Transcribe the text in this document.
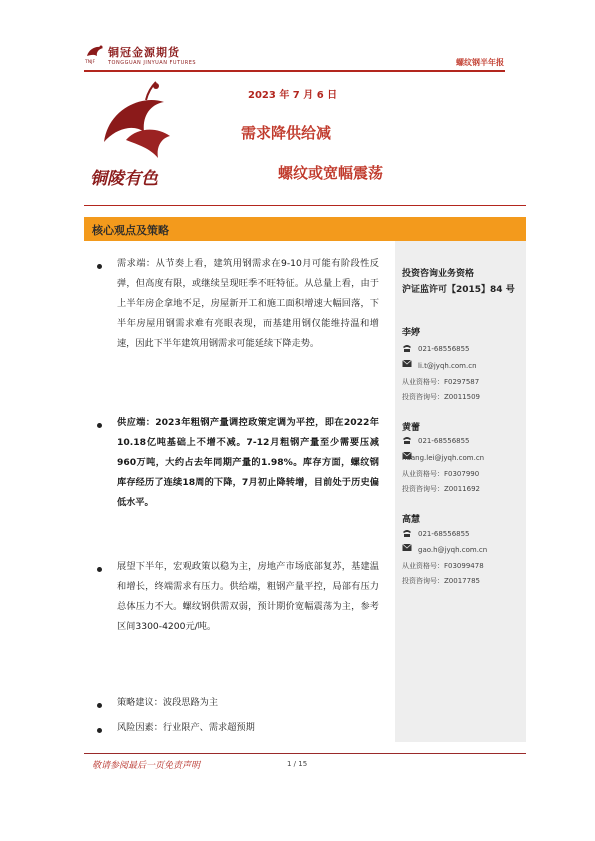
TNJF
铜冠金源期货
TONGGUAN JINYUAN FUTURES	螺纹钢半年报
铜陵有色
2023 年 7 月 6 日
需求降供给减
螺纹或宽幅震荡
核心观点及策略
投资咨询业务资格
沪证监许可【2015】84 号
李婷
021-68556855
li.t@jyqh.com.cn
从业资格号：F0297587
投资咨询号：Z0011509
黄蕾
021-68556855
huang.lei@jyqh.com.cn
从业资格号：F0307990
投资咨询号：Z0011692
高慧
021-68556855
gao.h@jyqh.com.cn
从业资格号：F03099478
投资咨询号：Z0017785
需求端：从节奏上看，建筑用钢需求在9-10月可能有阶段性反弹，但高度有限，或继续呈现旺季不旺特征。从总量上看，由于上半年房企拿地不足，房屋新开工和施工面积增速大幅回落，下半年房屋用钢需求难有亮眼表现，而基建用钢仅能维持温和增速，因此下半年建筑用钢需求可能延续下降走势。
供应端：2023年粗钢产量调控政策定调为平控，即在2022年10.18亿吨基础上不增不减。7-12月粗钢产量至少需要压减960万吨，大约占去年同期产量的1.98%。库存方面，螺纹钢库存经历了连续18周的下降，7月初止降转增，目前处于历史偏低水平。
展望下半年，宏观政策以稳为主，房地产市场底部复苏，基建温和增长，终端需求有压力。供给端，粗钢产量平控，局部有压力总体压力不大。螺纹钢供需双弱，预计期价宽幅震荡为主，参考区间3300-4200元/吨。
策略建议：波段思路为主
风险因素：行业限产、需求超预期
敬请参阅最后一页免责声明	1 / 15
